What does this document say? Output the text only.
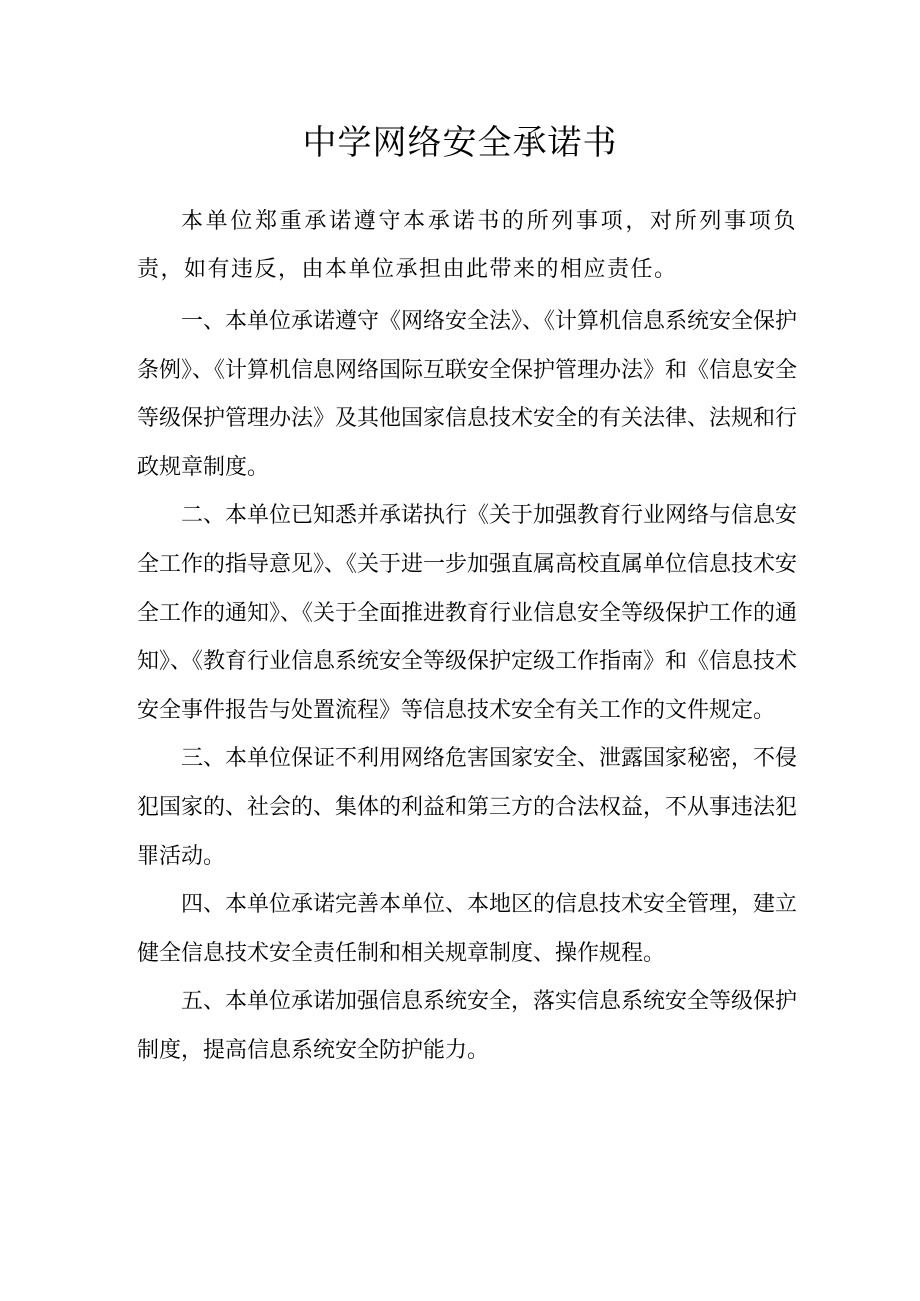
中学网络安全承诺书

本单位郑重承诺遵守本承诺书的所列事项，对所列事项负责，如有违反，由本单位承担由此带来的相应责任。

一、本单位承诺遵守《网络安全法》、《计算机信息系统安全保护条例》、《计算机信息网络国际互联安全保护管理办法》和《信息安全等级保护管理办法》及其他国家信息技术安全的有关法律、法规和行政规章制度。

二、本单位已知悉并承诺执行《关于加强教育行业网络与信息安全工作的指导意见》、《关于进一步加强直属高校直属单位信息技术安全工作的通知》、《关于全面推进教育行业信息安全等级保护工作的通知》、《教育行业信息系统安全等级保护定级工作指南》和《信息技术安全事件报告与处置流程》等信息技术安全有关工作的文件规定。

三、本单位保证不利用网络危害国家安全、泄露国家秘密，不侵犯国家的、社会的、集体的利益和第三方的合法权益，不从事违法犯罪活动。

四、本单位承诺完善本单位、本地区的信息技术安全管理，建立健全信息技术安全责任制和相关规章制度、操作规程。

五、本单位承诺加强信息系统安全，落实信息系统安全等级保护制度，提高信息系统安全防护能力。
